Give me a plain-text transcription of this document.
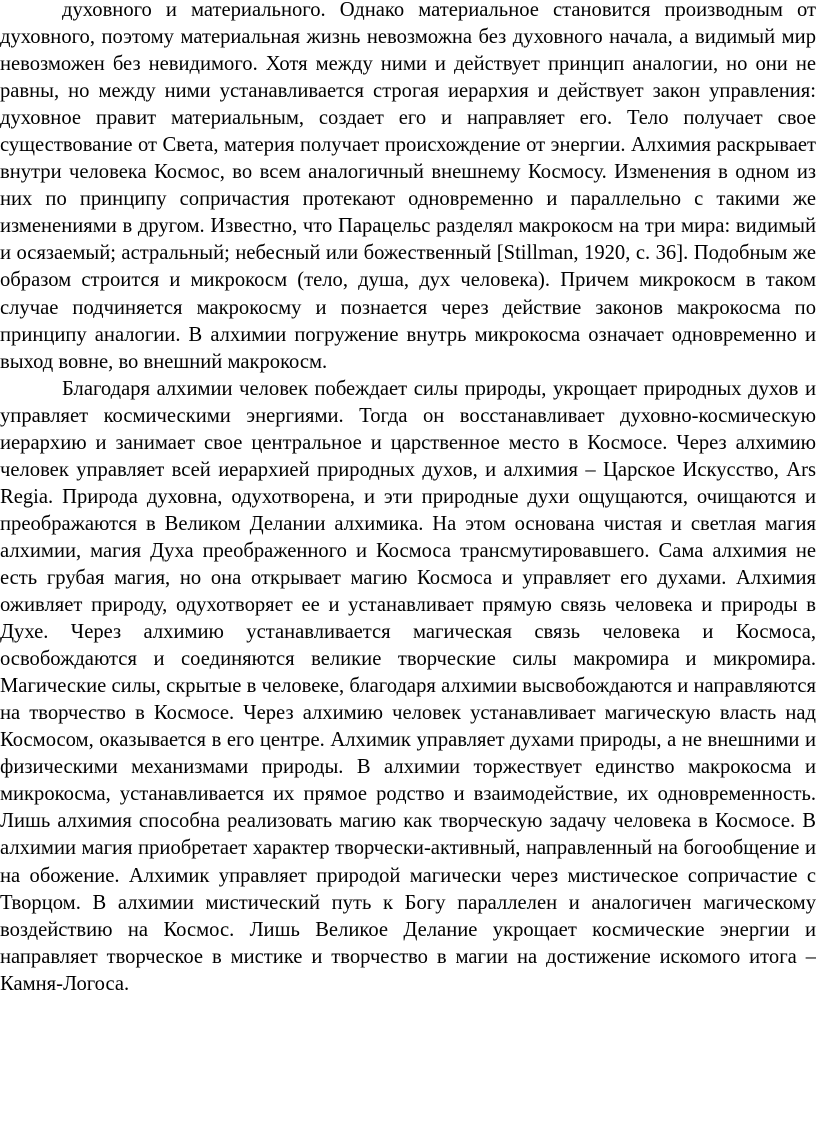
духовного и материального. Однако материальное становится производным от духовного, поэтому материальная жизнь невозможна без духовного начала, а видимый мир невозможен без невидимого. Хотя между ними и действует принцип аналогии, но они не равны, но между ними устанавливается строгая иерархия и действует закон управления: духовное правит материальным, создает его и направляет его. Тело получает свое существование от Света, материя получает происхождение от энергии. Алхимия раскрывает внутри человека Космос, во всем аналогичный внешнему Космосу. Изменения в одном из них по принципу сопричастия протекают одновременно и параллельно с такими же изменениями в другом. Известно, что Парацельс разделял макрокосм на три мира: видимый и осязаемый; астральный; небесный или божественный [Stillman, 1920, с. 36]. Подобным же образом строится и микрокосм (тело, душа, дух человека). Причем микрокосм в таком случае подчиняется макрокосму и познается через действие законов макрокосма по принципу аналогии. В алхимии погружение внутрь микрокосма означает одновременно и выход вовне, во внешний макрокосм.

Благодаря алхимии человек побеждает силы природы, укрощает природных духов и управляет космическими энергиями. Тогда он восстанавливает духовно-космическую иерархию и занимает свое центральное и царственное место в Космосе. Через алхимию человек управляет всей иерархией природных духов, и алхимия – Царское Искусство, Ars Regia. Природа духовна, одухотворена, и эти природные духи ощущаются, очищаются и преображаются в Великом Делании алхимика. На этом основана чистая и светлая магия алхимии, магия Духа преображенного и Космоса трансмутировавшего. Сама алхимия не есть грубая магия, но она открывает магию Космоса и управляет его духами. Алхимия оживляет природу, одухотворяет ее и устанавливает прямую связь человека и природы в Духе. Через алхимию устанавливается магическая связь человека и Космоса, освобождаются и соединяются великие творческие силы макромира и микромира. Магические силы, скрытые в человеке, благодаря алхимии высвобождаются и направляются на творчество в Космосе. Через алхимию человек устанавливает магическую власть над Космосом, оказывается в его центре. Алхимик управляет духами природы, а не внешними и физическими механизмами природы. В алхимии торжествует единство макрокосма и микрокосма, устанавливается их прямое родство и взаимодействие, их одновременность. Лишь алхимия способна реализовать магию как творческую задачу человека в Космосе. В алхимии магия приобретает характер творчески-активный, направленный на богообщение и на обожение. Алхимик управляет природой магически через мистическое сопричастие с Творцом. В алхимии мистический путь к Богу параллелен и аналогичен магическому воздействию на Космос. Лишь Великое Делание укрощает космические энергии и направляет творческое в мистике и творчество в магии на достижение искомого итога – Камня-Логоса.
